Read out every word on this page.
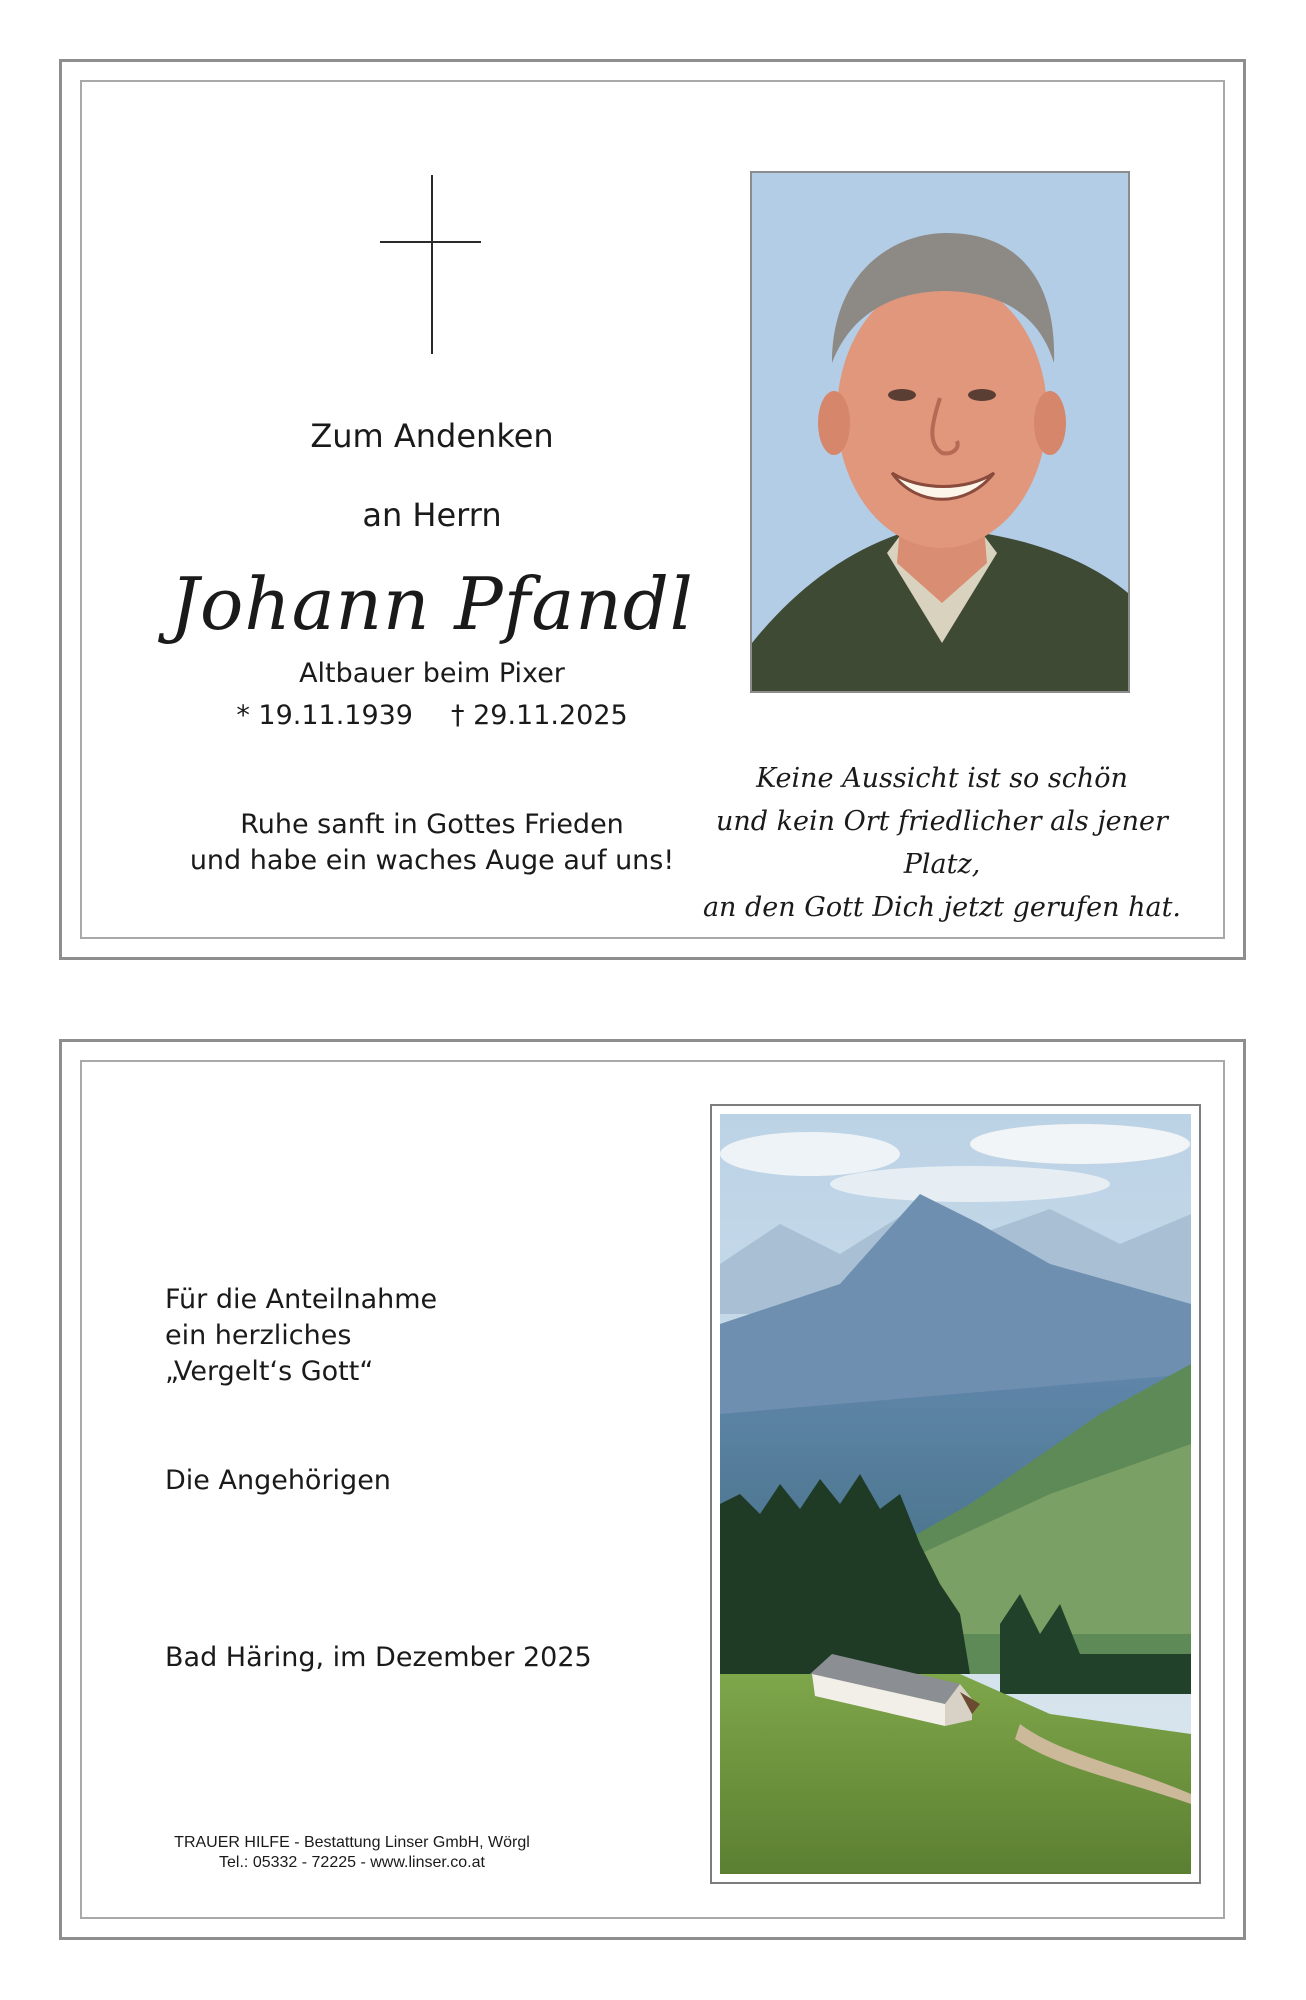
Zum Andenken
an Herrn
Johann Pfandl
Altbauer beim Pixer
* 19.11.1939 † 29.11.2025
Ruhe sanft in Gottes Frieden
und habe ein waches Auge auf uns!
Keine Aussicht ist so schön
und kein Ort friedlicher als jener Platz,
an den Gott Dich jetzt gerufen hat.
Für die Anteilnahme
ein herzliches
„Vergelt‘s Gott“
Die Angehörigen
Bad Häring, im Dezember 2025
TRAUER HILFE - Bestattung Linser GmbH, Wörgl
Tel.: 05332 - 72225 - www.linser.co.at
